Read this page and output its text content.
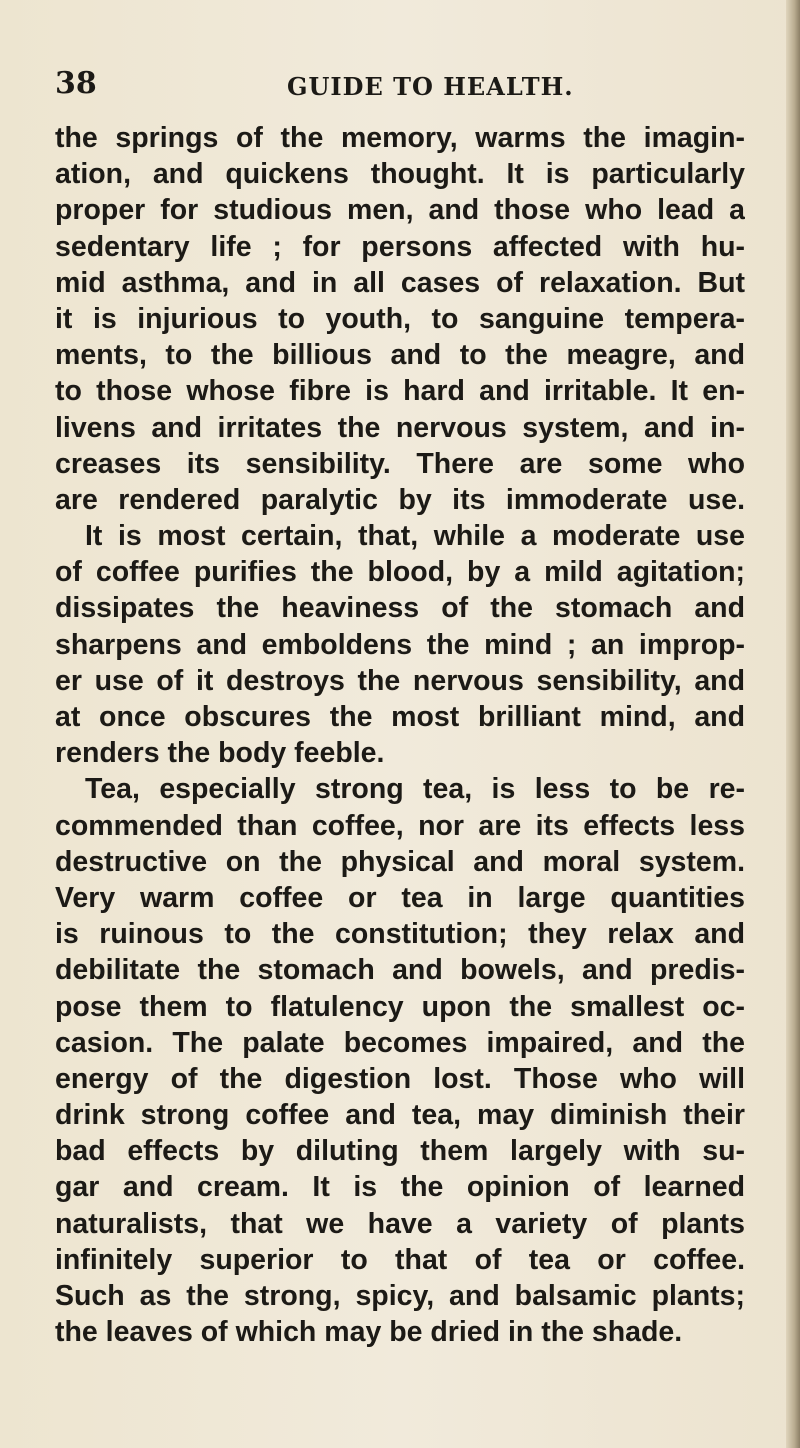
38	GUIDE TO HEALTH.
the springs of the memory, warms the imagin-
ation, and quickens thought. It is particularly
proper for studious men, and those who lead a
sedentary life ; for persons affected with hu-
mid asthma, and in all cases of relaxation. But
it is injurious to youth, to sanguine tempera-
ments, to the billious and to the meagre, and
to those whose fibre is hard and irritable. It en-
livens and irritates the nervous system, and in-
creases its sensibility. There are some who
are rendered paralytic by its immoderate use.
It is most certain, that, while a moderate use
of coffee purifies the blood, by a mild agitation;
dissipates the heaviness of the stomach and
sharpens and emboldens the mind ; an improp-
er use of it destroys the nervous sensibility, and
at once obscures the most brilliant mind, and
renders the body feeble.
Tea, especially strong tea, is less to be re-
commended than coffee, nor are its effects less
destructive on the physical and moral system.
Very warm coffee or tea in large quantities
is ruinous to the constitution; they relax and
debilitate the stomach and bowels, and predis-
pose them to flatulency upon the smallest oc-
casion. The palate becomes impaired, and the
energy of the digestion lost. Those who will
drink strong coffee and tea, may diminish their
bad effects by diluting them largely with su-
gar and cream. It is the opinion of learned
naturalists, that we have a variety of plants
infinitely superior to that of tea or coffee.
Such as the strong, spicy, and balsamic plants;
the leaves of which may be dried in the shade.
